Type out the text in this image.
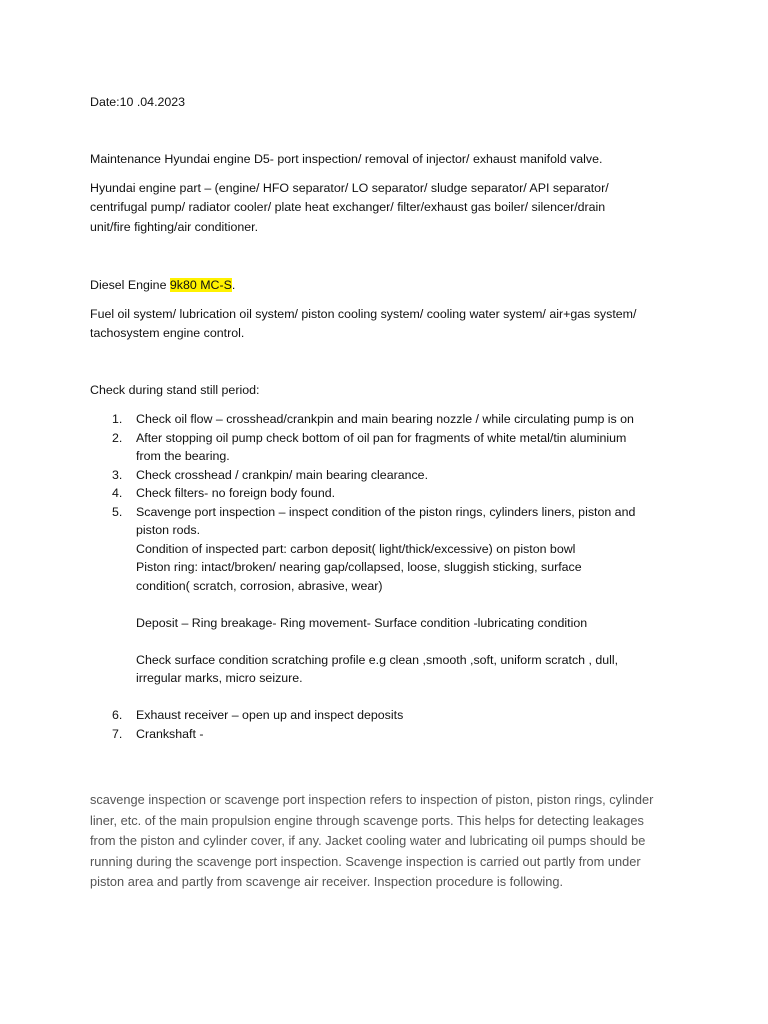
Date:10 .04.2023
Maintenance Hyundai engine D5- port inspection/ removal of injector/ exhaust manifold valve.
Hyundai engine part – (engine/ HFO separator/ LO separator/ sludge separator/ API separator/
centrifugal pump/ radiator cooler/ plate heat exchanger/ filter/exhaust gas boiler/ silencer/drain
unit/fire fighting/air conditioner.
Diesel Engine 9k80 MC-S.
Fuel oil system/ lubrication oil system/ piston cooling system/ cooling water system/ air+gas system/
tachosystem engine control.
Check during stand still period:
1. Check oil flow – crosshead/crankpin and main bearing nozzle / while circulating pump is on
2. After stopping oil pump check bottom of oil pan for fragments of white metal/tin aluminium
from the bearing.
3. Check crosshead / crankpin/ main bearing clearance.
4. Check filters- no foreign body found.
5. Scavenge port inspection – inspect condition of the piston rings, cylinders liners, piston and
piston rods.
Condition of inspected part: carbon deposit( light/thick/excessive) on piston bowl
Piston ring: intact/broken/ nearing gap/collapsed, loose, sluggish sticking, surface
condition( scratch, corrosion, abrasive, wear)
Deposit – Ring breakage- Ring movement- Surface condition -lubricating condition
Check surface condition scratching profile e.g clean ,smooth ,soft, uniform scratch , dull,
irregular marks, micro seizure.
6. Exhaust receiver – open up and inspect deposits
7. Crankshaft -
scavenge inspection or scavenge port inspection refers to inspection of piston, piston rings, cylinder
liner, etc. of the main propulsion engine through scavenge ports. This helps for detecting leakages
from the piston and cylinder cover, if any. Jacket cooling water and lubricating oil pumps should be
running during the scavenge port inspection. Scavenge inspection is carried out partly from under
piston area and partly from scavenge air receiver. Inspection procedure is following.
